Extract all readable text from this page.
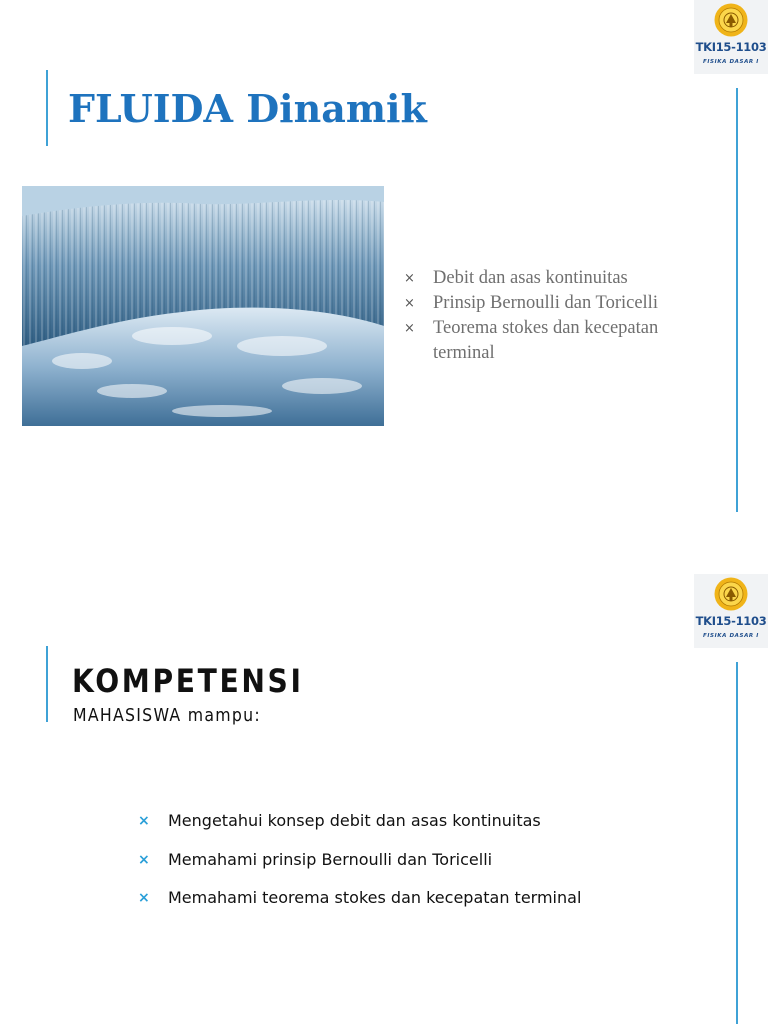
TKI15-1103
FISIKA DASAR I
FLUIDA Dinamik
× Debit dan asas kontinuitas
× Prinsip Bernoulli dan Toricelli
× Teorema stokes dan kecepatan terminal
TKI15-1103
FISIKA DASAR I
KOMPETENSI

MAHASISWA mampu:

× Mengetahui konsep debit dan asas kontinuitas
× Memahami prinsip Bernoulli dan Toricelli
× Memahami teorema stokes dan kecepatan terminal
